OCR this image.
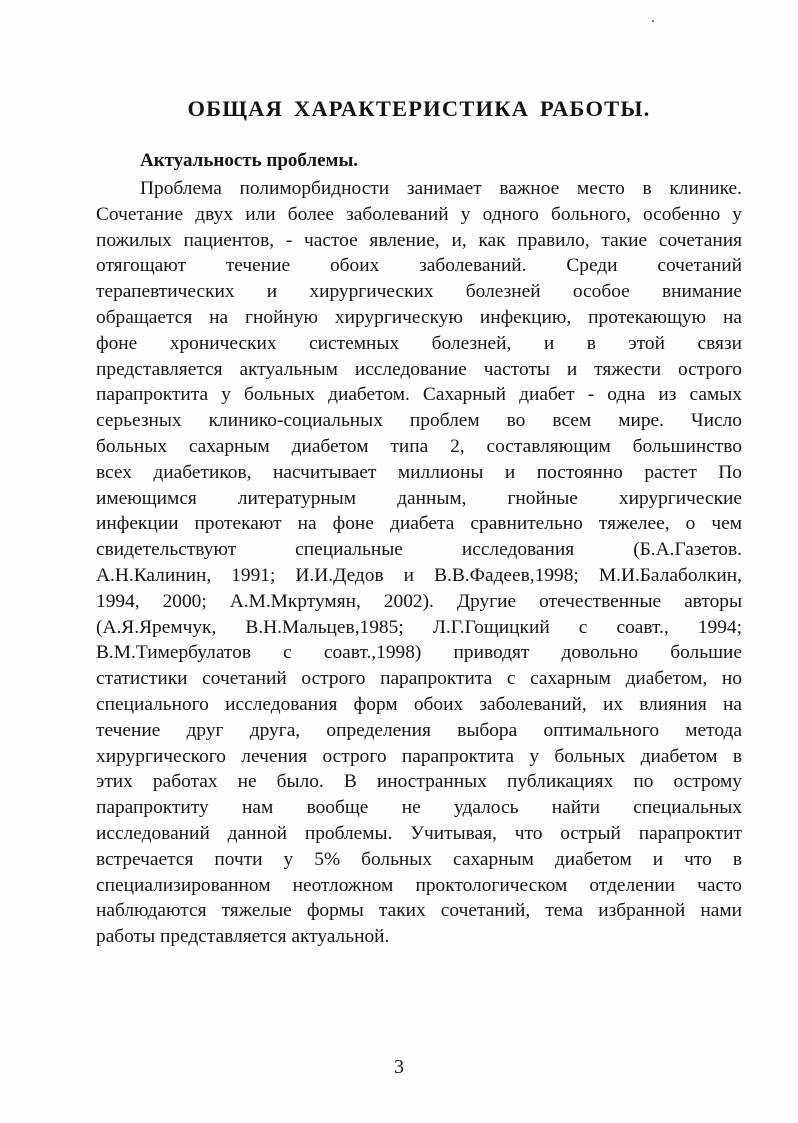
ОБЩАЯ ХАРАКТЕРИСТИКА РАБОТЫ.
Актуальность проблемы.
Проблема полиморбидности занимает важное место в клинике.
Сочетание двух или более заболеваний у одного больного, особенно у
пожилых пациентов, - частое явление, и, как правило, такие сочетания
отягощают течение обоих заболеваний. Среди сочетаний
терапевтических и хирургических болезней особое внимание
обращается на гнойную хирургическую инфекцию, протекающую на
фоне хронических системных болезней, и в этой связи
представляется актуальным исследование частоты и тяжести острого
парапроктита у больных диабетом. Сахарный диабет - одна из самых
серьезных клинико-социальных проблем во всем мире. Число
больных сахарным диабетом типа 2, составляющим большинство
всех диабетиков, насчитывает миллионы и постоянно растет По
имеющимся литературным данным, гнойные хирургические
инфекции протекают на фоне диабета сравнительно тяжелее, о чем
свидетельствуют специальные исследования (Б.А.Газетов.
А.Н.Калинин, 1991; И.И.Дедов и В.В.Фадеев,1998; М.И.Балаболкин,
1994, 2000; А.М.Мкртумян, 2002). Другие отечественные авторы
(А.Я.Яремчук, В.Н.Мальцев,1985; Л.Г.Гощицкий с соавт., 1994;
В.М.Тимербулатов с соавт.,1998) приводят довольно большие
статистики сочетаний острого парапроктита с сахарным диабетом, но
специального исследования форм обоих заболеваний, их влияния на
течение друг друга, определения выбора оптимального метода
хирургического лечения острого парапроктита у больных диабетом в
этих работах не было. В иностранных публикациях по острому
парапроктиту нам вообще не удалось найти специальных
исследований данной проблемы. Учитывая, что острый парапроктит
встречается почти у 5% больных сахарным диабетом и что в
специализированном неотложном проктологическом отделении часто
наблюдаются тяжелые формы таких сочетаний, тема избранной нами
работы представляется актуальной.

3
